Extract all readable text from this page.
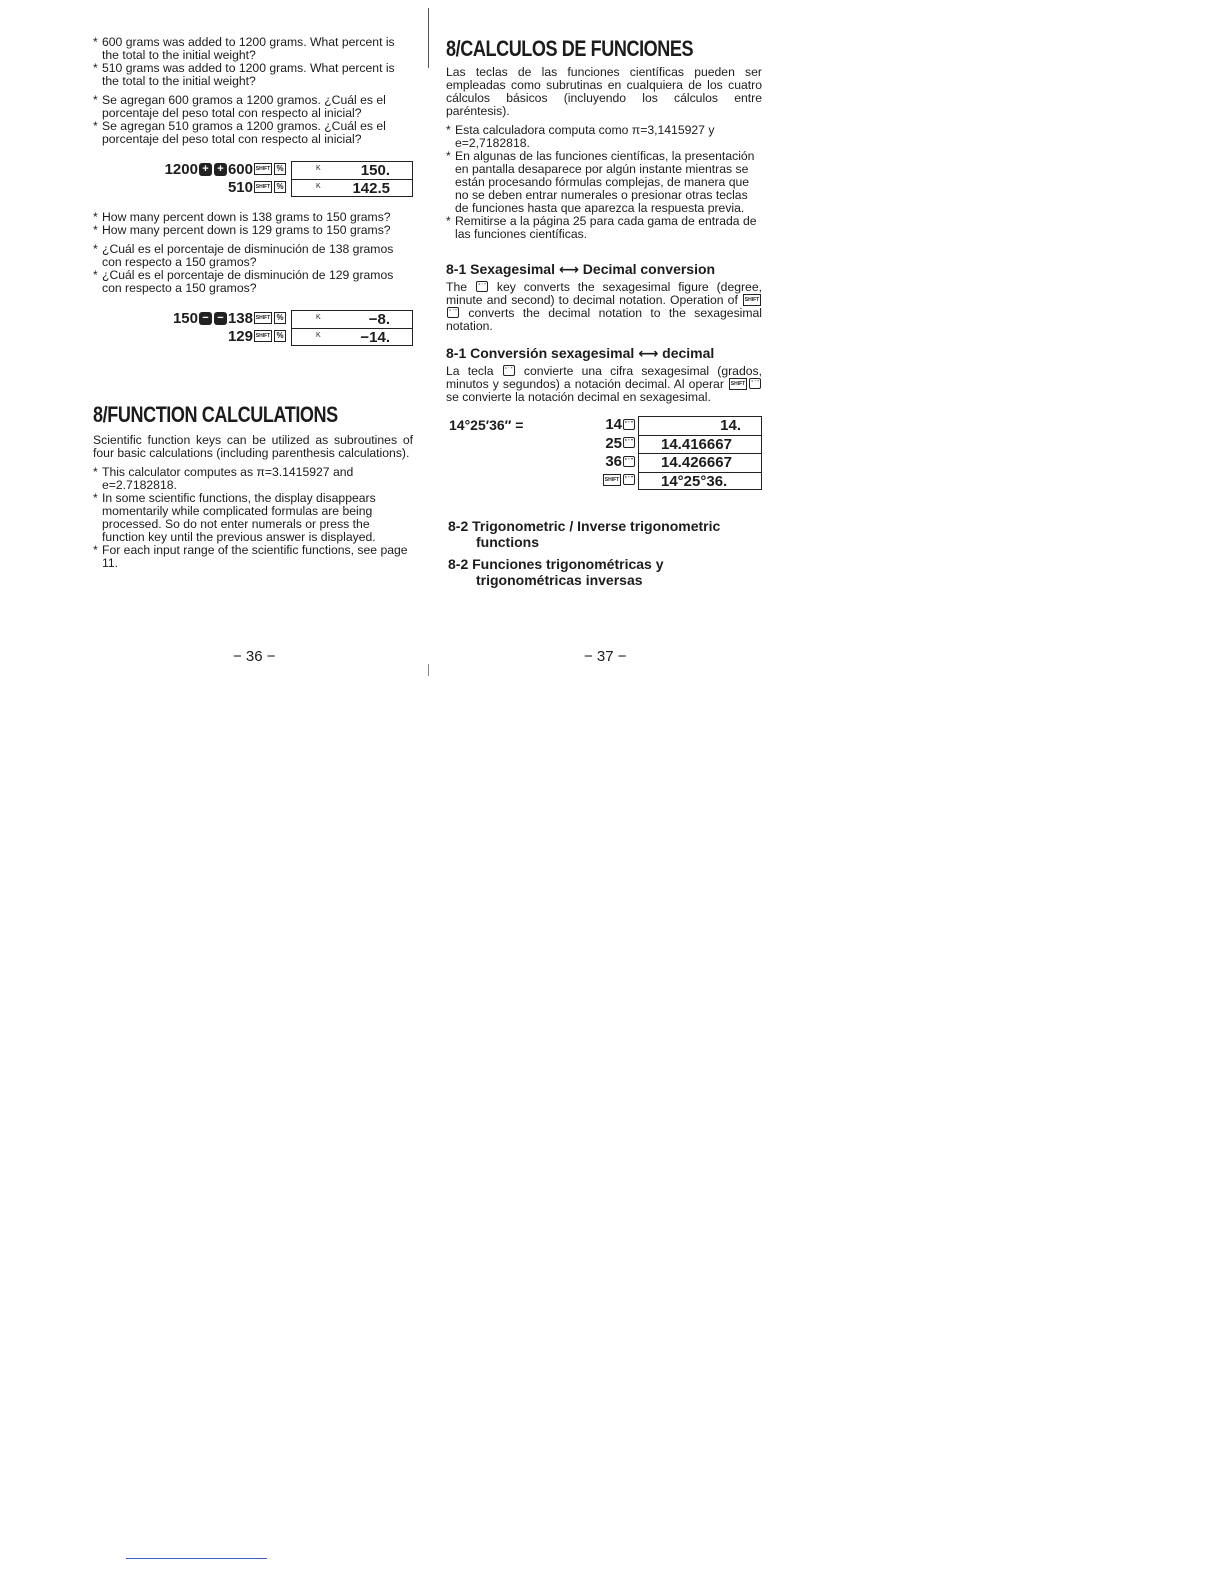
* 600 grams was added to 1200 grams. What percent is the total to the initial weight?
* 510 grams was added to 1200 grams. What percent is the total to the initial weight?
* Se agregan 600 gramos a 1200 gramos. ¿Cuál es el porcentaje del peso total con respecto al inicial?
* Se agregan 510 gramos a 1200 gramos. ¿Cuál es el porcentaje del peso total con respecto al inicial?
1200 + + 600 SHIFT %	K	150.
510 SHIFT %	K 142.5
* How many percent down is 138 grams to 150 grams?
* How many percent down is 129 grams to 150 grams?
* ¿Cuál es el porcentaje de disminución de 138 gramos con respecto a 150 gramos?
* ¿Cuál es el porcentaje de disminución de 129 gramos con respecto a 150 gramos?
150 − − 138 SHIFT %	K	−8.
129 SHIFT %	K	−14.
8/FUNCTION CALCULATIONS

Scientific function keys can be utilized as subroutines of four basic calculations (including parenthesis calculations).

* This calculator computes as π=3.1415927 and e=2.7182818.
* In some scientific functions, the display disappears momentarily while complicated formulas are being processed. So do not enter numerals or press the function key until the previous answer is displayed.
* For each input range of the scientific functions, see page 11.
− 36 −
8/CALCULOS DE FUNCIONES

Las teclas de las funciones científicas pueden ser empleadas como subrutinas en cualquiera de los cuatro cálculos básicos (incluyendo los cálculos entre paréntesis).

* Esta calculadora computa como π=3,1415927 y e=2,7182818.
* En algunas de las funciones científicas, la presentación en pantalla desaparece por algún instante mientras se están procesando fórmulas complejas, de manera que no se deben entrar numerales o presionar otras teclas de funciones hasta que aparezca la respuesta previa.
* Remitirse a la página 25 para cada gama de entrada de las funciones científicas.
8-1 Sexagesimal ⟷ Decimal conversion

The ° ′ ″ key converts the sexagesimal figure (degree, minute and second) to decimal notation. Operation of SHIFT° ′ ″ converts the decimal notation to the sexagesimal notation.

8-1 Conversión sexagesimal ⟷ decimal

La tecla ° ′ ″ convierte una cifra sexagesimal (grados, minutos y segundos) a notación decimal. Al operar SHIFT ° ′ ″ se convierte la notación decimal en sexagesimal.

14°25′36″ =	14 ° ′ ″	14.
25 ° ′ ″	14.416667
36 ° ′ ″	14.426667
SHIFT ° ′ ″	14°25°36.
8-2 Trigonometric / Inverse trigonometric functions
8-2 Funciones trigonométricas y trigonométricas inversas
− 37 −
